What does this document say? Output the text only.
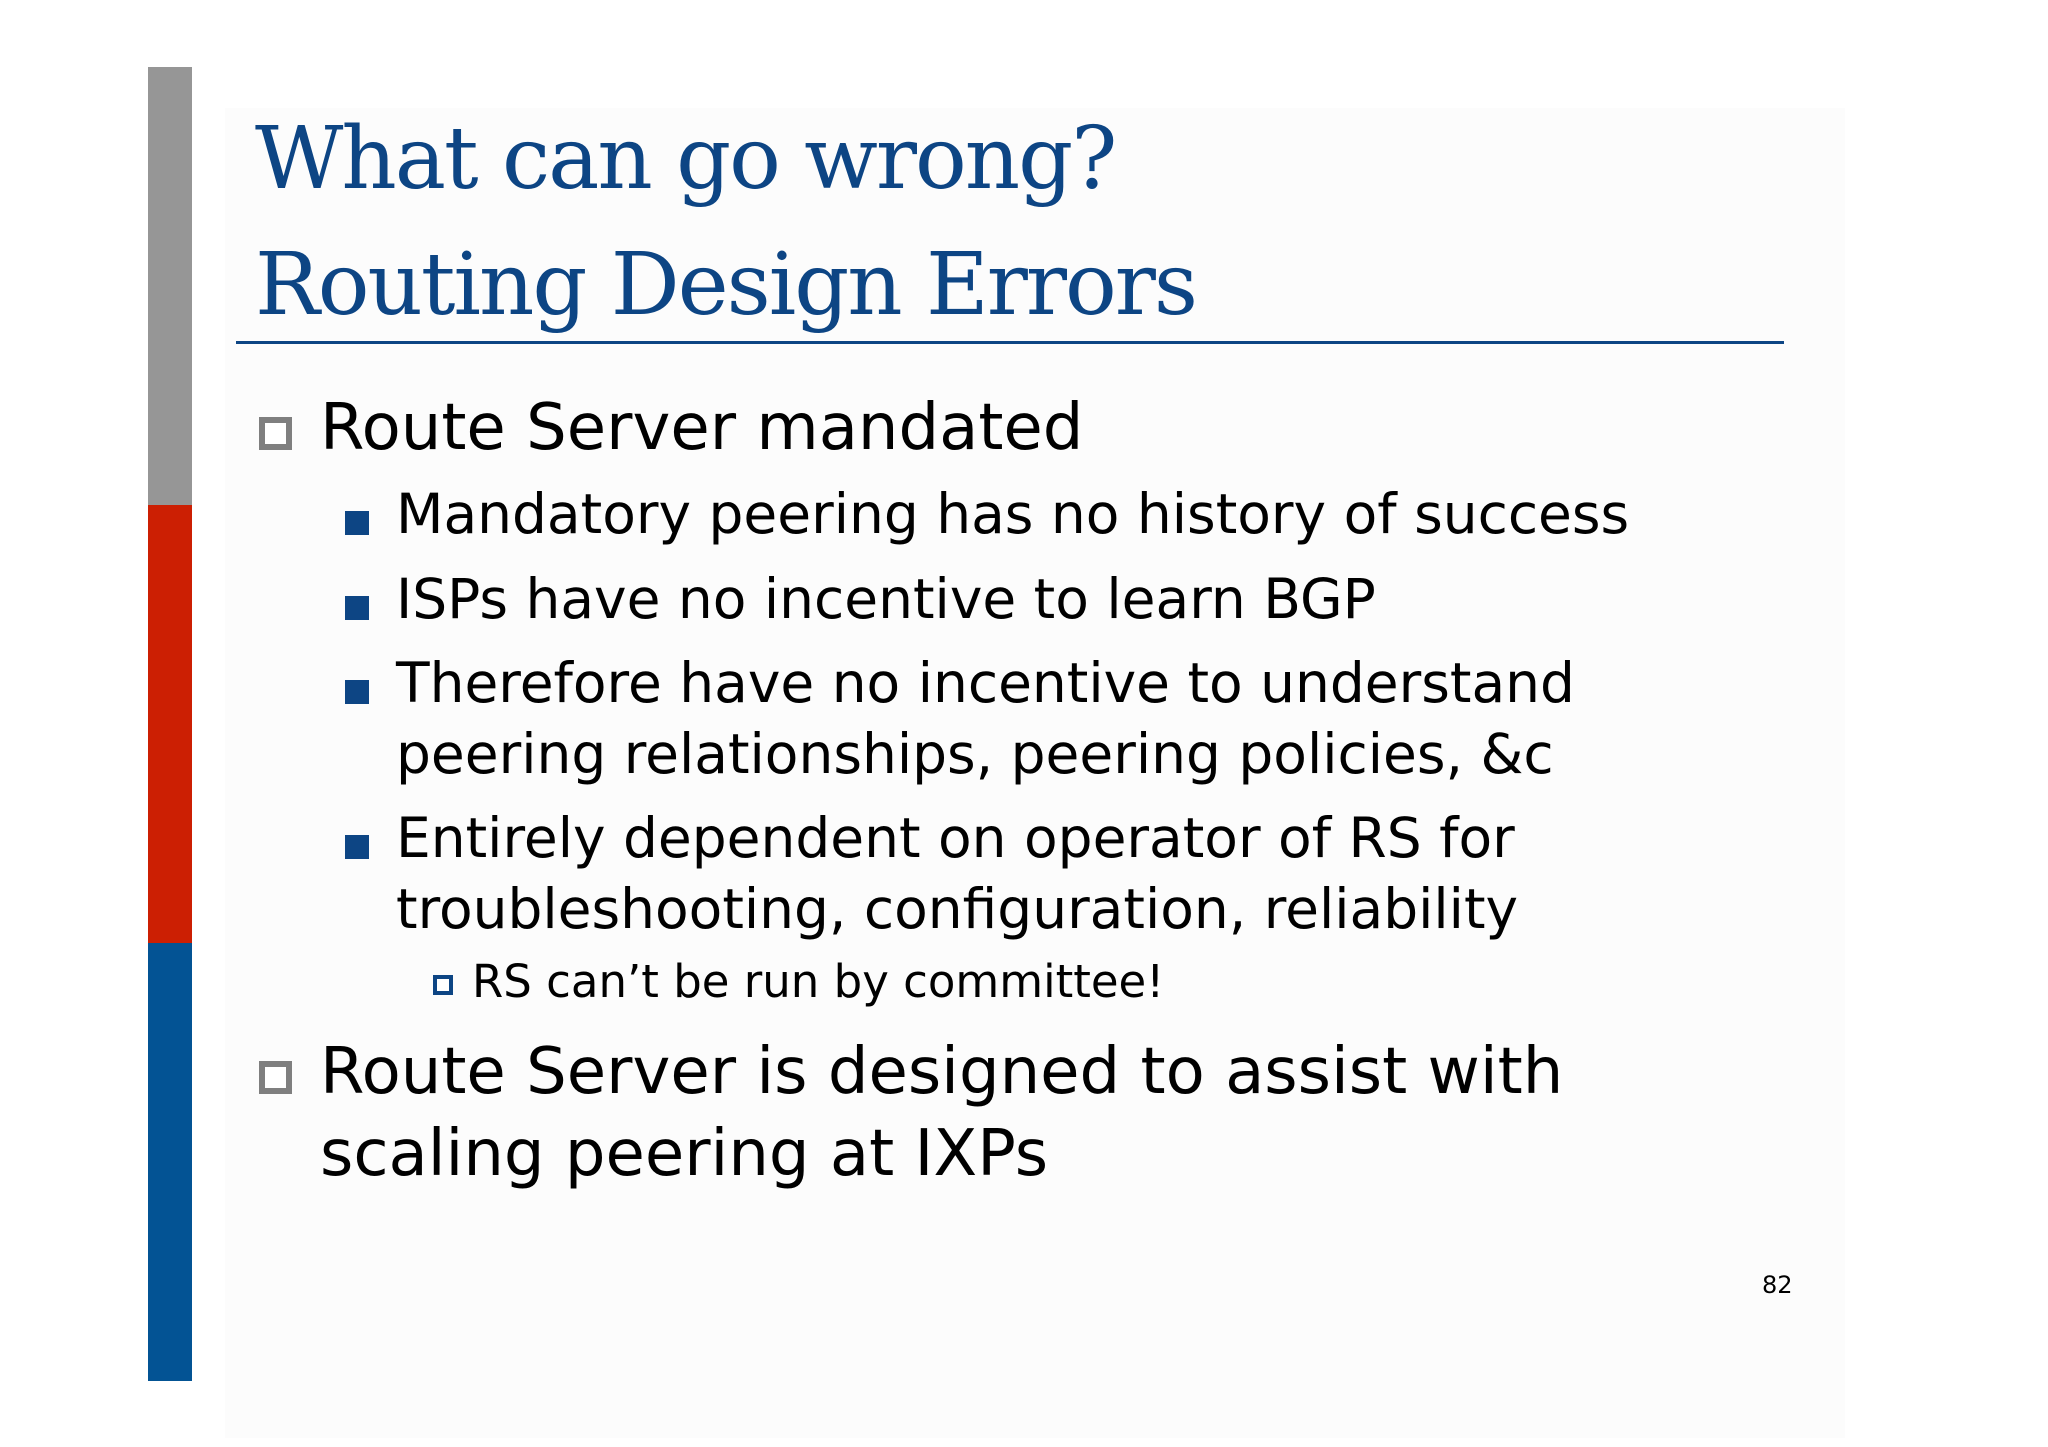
What can go wrong?
Routing Design Errors
Route Server mandated
Mandatory peering has no history of success
ISPs have no incentive to learn BGP
Therefore have no incentive to understand
peering relationships, peering policies, &c
Entirely dependent on operator of RS for
troubleshooting, configuration, reliability
RS can’t be run by committee!
Route Server is designed to assist with
scaling peering at IXPs
82
